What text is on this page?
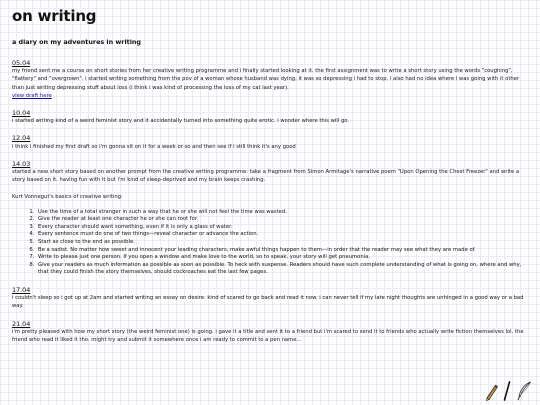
on writing
a diary on my adventures in writing
05.04

my friend sent me a course on short stories from her creative writing programme and i finally started looking at it. the first assignment was to write a short story using the words "coughing", "flattery" and "overgrown". i started writing something from the pov of a woman whose husband was dying. it was so depressing i had to stop. i also had no idea where i was going with it other than just writing depressing stuff about loss (i think i was kind of processing the loss of my cat last year).

view draft here
10.04

i started writing kind of a weird feminist story and it accidentally turned into something quite erotic. i wonder where this will go.

12.04

i think i finished my first draft so i'm gonna sit on it for a week or so and then see if i still think it's any good

14.03

started a new short story based on another prompt from the creative writing programme: take a fragment from Simon Armitage's narrative poem "Upon Opening the Chest Freezer" and write a story based on it. having fun with it but i'm kind of sleep-deprived and my brain keeps crashing.

Kurt Vonnegut's basics of creative writing:

1. Use the time of a total stranger in such a way that he or she will not feel the time was wasted.
2. Give the reader at least one character he or she can root for.
3. Every character should want something, even if it is only a glass of water.
4. Every sentence must do one of two things—reveal character or advance the action.
5. Start as close to the end as possible.
6. Be a sadist. No matter how sweet and innocent your leading characters, make awful things happen to them—in order that the reader may see what they are made of.
7. Write to please just one person. If you open a window and make love to the world, so to speak, your story will get pneumonia.
8. Give your readers as much information as possible as soon as possible. To heck with suspense. Readers should have such complete understanding of what is going on, where and why, that they could finish the story themselves, should cockroaches eat the last few pages.
17.04

i couldn't sleep so i got up at 2am and started writing an essay on desire. kind of scared to go back and read it now. i can never tell if my late night thoughts are unhinged in a good way or a bad way.

21.04

i'm pretty pleased with how my short story (the weird feminist one) is going. i gave it a title and sent it to a friend but i'm scared to send it to friends who actually write fiction themselves lol. the friend who read it liked it tho. might try and submit it somewhere once i am ready to commit to a pen name...
